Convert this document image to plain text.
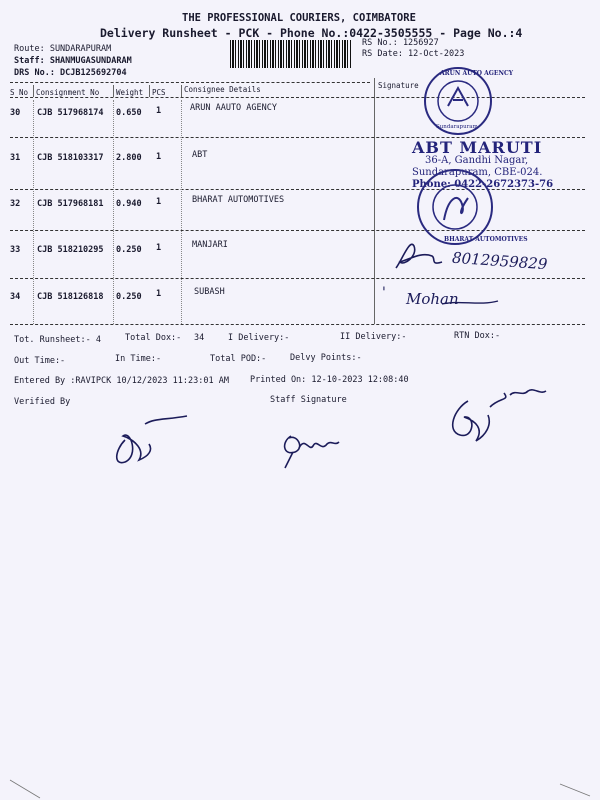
THE PROFESSIONAL COURIERS, COIMBATORE
Delivery Runsheet - PCK - Phone No.:0422-3505555 - Page No.:4
Route: SUNDARAPURAM
Staff: SHANMUGASUNDARAM
DRS No.: DCJB125692704
RS No.: 1256927
RS Date: 12-Oct-2023
S No Consignment No Weight PCS Consignee Details	Signature
30 CJB 517968174 0.650 1	ARUN AAUTO AGENCY
31 CJB 518103317 2.800 1	ABT
32 CJB 517968181 0.940 1	BHARAT AUTOMOTIVES
33 CJB 518210295 0.250 1	MANJARI
34 CJB 518126818 0.250 1	SUBASH
ARUN AUTO AGENCY
Sundarapuram
ABT MARUTI
36-A, Gandhi Nagar,
Sundarapuram, CBE-024.
Phone: 0422-2672373-76
BHARAT AUTOMOTIVES
8012959829
' Mohan
Tot. Runsheet:- 4	Total Dox:- 34	I Delivery:-	II Delivery:-	RTN Dox:-
Out Time:-	In Time:-	Total POD:-	Delvy Points:-
Entered By :RAVIPCK 10/12/2023 11:23:01 AM Printed On: 12-10-2023 12:08:40
Verified By	Staff Signature
